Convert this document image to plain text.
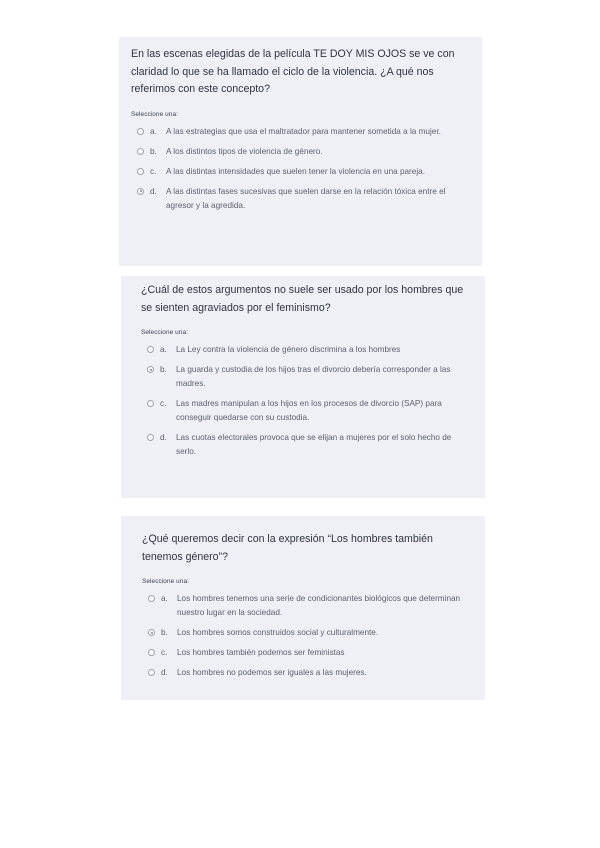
En las escenas elegidas de la película TE DOY MIS OJOS se ve con claridad lo que se ha llamado el ciclo de la violencia. ¿A qué nos referimos con este concepto?

Seleccione una:

a.	A las estrategias que usa el maltratador para mantener sometida a la mujer.
b.	A los distintos tipos de violencia de género.
c.	A las distintas intensidades que suelen tener la violencia en una pareja.
d.	A las distintas fases sucesivas que suelen darse en la relación tóxica entre el agresor y la agredida.

¿Cuál de estos argumentos no suele ser usado por los hombres que se sienten agraviados por el feminismo?

Seleccione una:

a.	La Ley contra la violencia de género discrimina a los hombres
b.	La guarda y custodia de los hijos tras el divorcio debería corresponder a las madres.
c.	Las madres manipulan a los hijos en los procesos de divorcio (SAP) para conseguir quedarse con su custodia.
d.	Las cuotas electorales provoca que se elijan a mujeres por el solo hecho de serlo.

¿Qué queremos decir con la expresión “Los hombres también tenemos género”?

Seleccione una:

a.	Los hombres tenemos una serie de condicionantes biológicos que determinan nuestro lugar en la sociedad.
b.	Los hombres somos construidos social y culturalmente.
c.	Los hombres también podemos ser feministas
d.	Los hombres no podemos ser iguales a las mujeres.
